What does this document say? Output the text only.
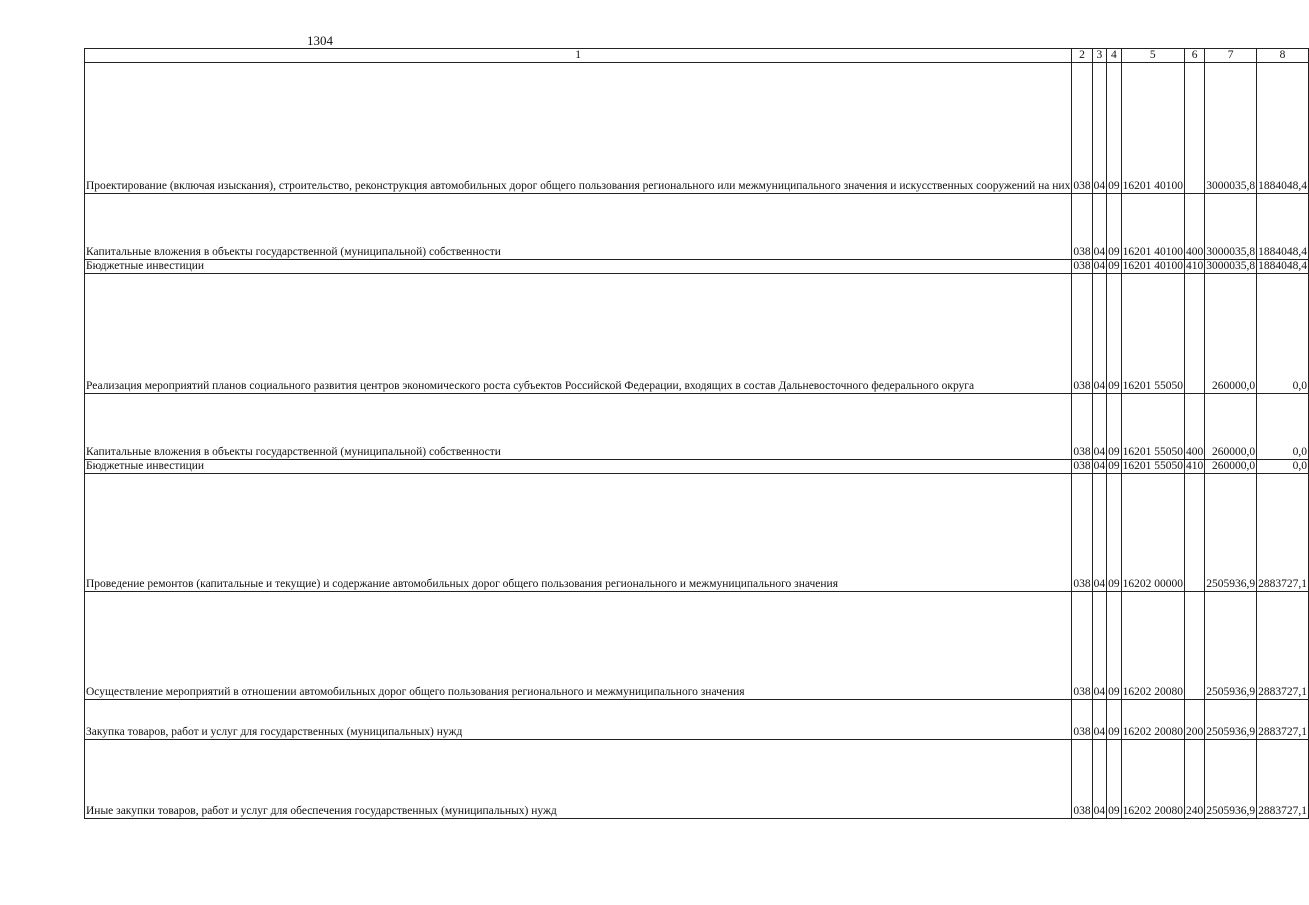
1304
1	2	3	4	5	6	7	8
Проектирование (включая изыскания), строительство, реконструкция автомобильных дорог общего пользования регионального или межмуниципального значения и искусственных сооружений на них	038	04	09	16201 40100		3000035,8	1884048,4
Капитальные вложения в объекты государственной (муниципальной) собственности	038	04	09	16201 40100	400	3000035,8	1884048,4
Бюджетные инвестиции	038	04	09	16201 40100	410	3000035,8	1884048,4
Реализация мероприятий планов социального развития центров экономического роста субъектов Российской Федерации, входящих в состав Дальневосточного федерального округа	038	04	09	16201 55050		260000,0	0,0
Капитальные вложения в объекты государственной (муниципальной) собственности	038	04	09	16201 55050	400	260000,0	0,0
Бюджетные инвестиции	038	04	09	16201 55050	410	260000,0	0,0
Проведение ремонтов (капитальные и текущие) и содержание автомобильных дорог общего пользования регионального и межмуниципального значения	038	04	09	16202 00000		2505936,9	2883727,1
Осуществление мероприятий в отношении автомобильных дорог общего пользования регионального и межмуниципального значения	038	04	09	16202 20080		2505936,9	2883727,1
Закупка товаров, работ и услуг для государственных (муниципальных) нужд	038	04	09	16202 20080	200	2505936,9	2883727,1
Иные закупки товаров, работ и услуг для обеспечения государственных (муниципальных) нужд	038	04	09	16202 20080	240	2505936,9	2883727,1
